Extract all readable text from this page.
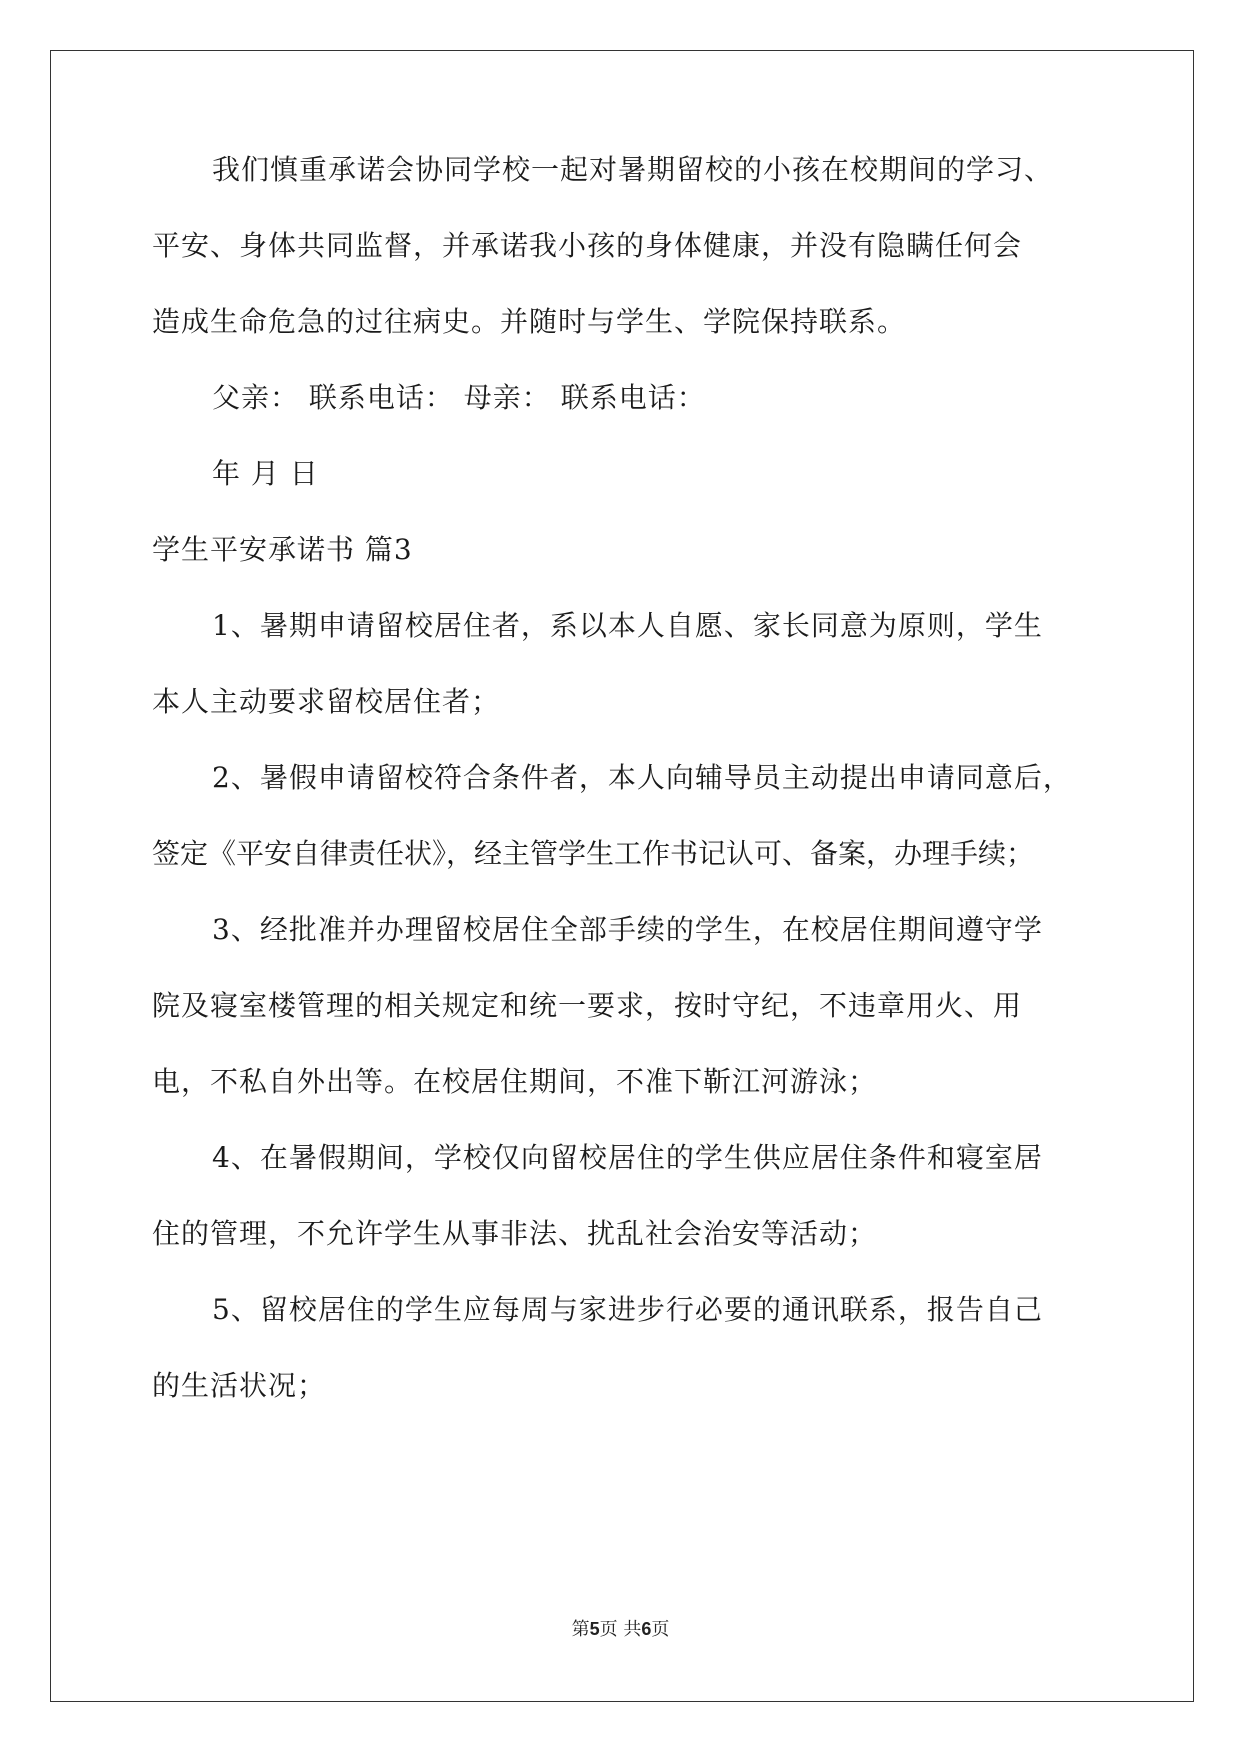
我们慎重承诺会协同学校一起对暑期留校的小孩在校期间的学习、
平安、身体共同监督，并承诺我小孩的身体健康，并没有隐瞒任何会
造成生命危急的过往病史。并随时与学生、学院保持联系。
父亲： 联系电话： 母亲： 联系电话：
年 月 日
学生平安承诺书 篇3
1、暑期申请留校居住者，系以本人自愿、家长同意为原则，学生
本人主动要求留校居住者；
2、暑假申请留校符合条件者，本人向辅导员主动提出申请同意后，
签定《平安自律责任状》，经主管学生工作书记认可、备案，办理手续；
3、经批准并办理留校居住全部手续的学生，在校居住期间遵守学
院及寝室楼管理的相关规定和统一要求，按时守纪，不违章用火、用
电，不私自外出等。在校居住期间，不准下靳江河游泳；
4、在暑假期间，学校仅向留校居住的学生供应居住条件和寝室居
住的管理，不允许学生从事非法、扰乱社会治安等活动；
5、留校居住的学生应每周与家进步行必要的通讯联系，报告自己
的生活状况；
第5页 共6页
